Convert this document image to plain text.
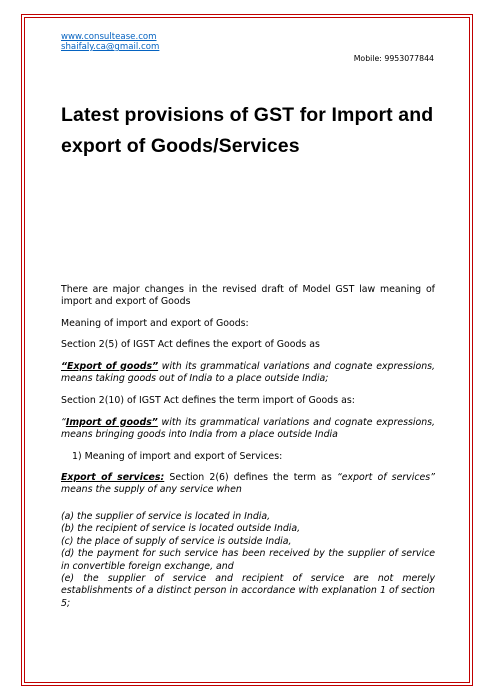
www.consultease.com
shaifaly.ca@gmail.com
Mobile: 9953077844
Latest provisions of GST for Import and export of Goods/Services

There are major changes in the revised draft of Model GST law meaning of import and export of Goods

Meaning of import and export of Goods:

Section 2(5) of IGST Act defines the export of Goods as

“Export of goods” with its grammatical variations and cognate expressions, means taking goods out of India to a place outside India;

Section 2(10) of IGST Act defines the term import of Goods as:

“Import of goods” with its grammatical variations and cognate expressions, means bringing goods into India from a place outside India

1) Meaning of import and export of Services:

Export of services: Section 2(6) defines the term as “export of services” means the supply of any service when

(a) the supplier of service is located in India,

(b) the recipient of service is located outside India,

(c) the place of supply of service is outside India,

(d) the payment for such service has been received by the supplier of service in convertible foreign exchange, and

(e) the supplier of service and recipient of service are not merely establishments of a distinct person in accordance with explanation 1 of section 5;
